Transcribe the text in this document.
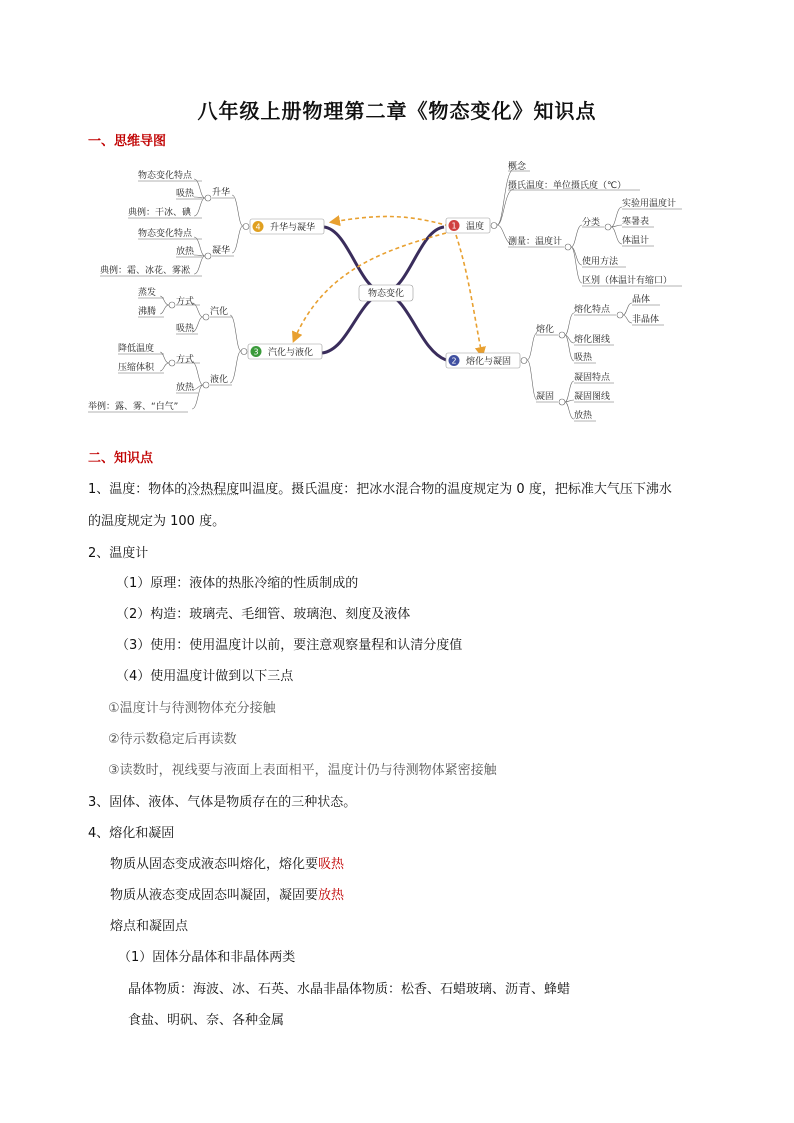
八年级上册物理第二章《物态变化》知识点
一、思维导图
物态变化
1 温度
概念
摄氏温度：单位摄氏度（℃）
测量：温度计
分类
实验用温度计
寒暑表
体温计
使用方法
区别（体温计有缩口）
2 熔化与凝固
熔化
熔化特点
晶体
非晶体
熔化图线
吸热
凝固
凝固特点
凝固图线
放热
3 汽化与液化
汽化
方式
蒸发
沸腾
吸热
液化
方式
降低温度
压缩体积
放热
举例：露、雾、“白气”
4 升华与凝华
升华
物态变化特点
吸热
典例：干冰、碘
凝华
物态变化特点
放热
典例：霜、冰花、雾凇
二、知识点
1、温度：物体的冷热程度叫温度。摄氏温度：把冰水混合物的温度规定为 0 度，把标准大气压下沸水
的温度规定为 100 度。
2、温度计
（1）原理：液体的热胀冷缩的性质制成的
（2）构造：玻璃壳、毛细管、玻璃泡、刻度及液体
（3）使用：使用温度计以前，要注意观察量程和认清分度值
（4）使用温度计做到以下三点
①温度计与待测物体充分接触
②待示数稳定后再读数
③读数时，视线要与液面上表面相平，温度计仍与待测物体紧密接触
3、固体、液体、气体是物质存在的三种状态。
4、熔化和凝固
物质从固态变成液态叫熔化，熔化要吸热
物质从液态变成固态叫凝固，凝固要放热
熔点和凝固点
（1）固体分晶体和非晶体两类
晶体物质：海波、冰、石英、水晶非晶体物质：松香、石蜡玻璃、沥青、蜂蜡
食盐、明矾、奈、各种金属
